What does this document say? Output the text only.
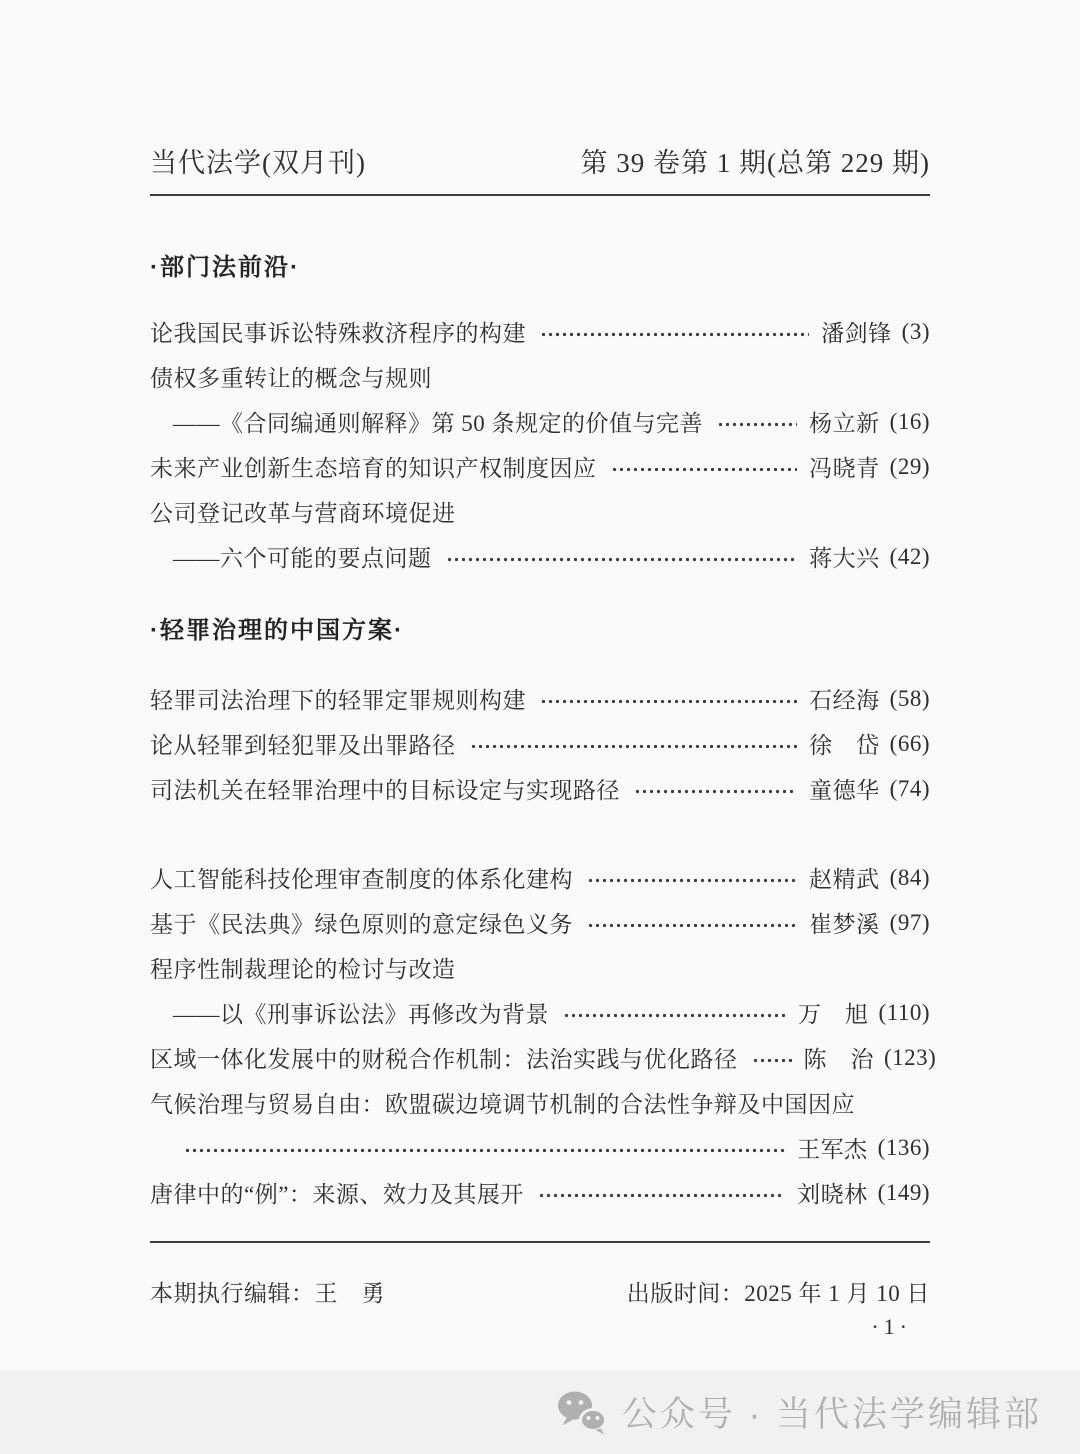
当代法学(双月刊)	第 39 卷第 1 期(总第 229 期)
·部门法前沿·
论我国民事诉讼特殊救济程序的构建	潘剑锋 (3)
债权多重转让的概念与规则
——《合同编通则解释》第 50 条规定的价值与完善	杨立新 (16)
未来产业创新生态培育的知识产权制度因应	冯晓青 (29)
公司登记改革与营商环境促进
——六个可能的要点问题	蒋大兴 (42)
·轻罪治理的中国方案·
轻罪司法治理下的轻罪定罪规则构建	石经海 (58)
论从轻罪到轻犯罪及出罪路径	徐　岱 (66)
司法机关在轻罪治理中的目标设定与实现路径	童德华 (74)
人工智能科技伦理审查制度的体系化建构	赵精武 (84)
基于《民法典》绿色原则的意定绿色义务	崔梦溪 (97)
程序性制裁理论的检讨与改造
——以《刑事诉讼法》再修改为背景	万　旭 (110)
区域一体化发展中的财税合作机制：法治实践与优化路径	陈　治 (123)
气候治理与贸易自由：欧盟碳边境调节机制的合法性争辩及中国因应
王军杰 (136)
唐律中的“例”：来源、效力及其展开	刘晓林 (149)
本期执行编辑：王　勇	出版时间：2025 年 1 月 10 日
·1·
公众号 · 当代法学编辑部
